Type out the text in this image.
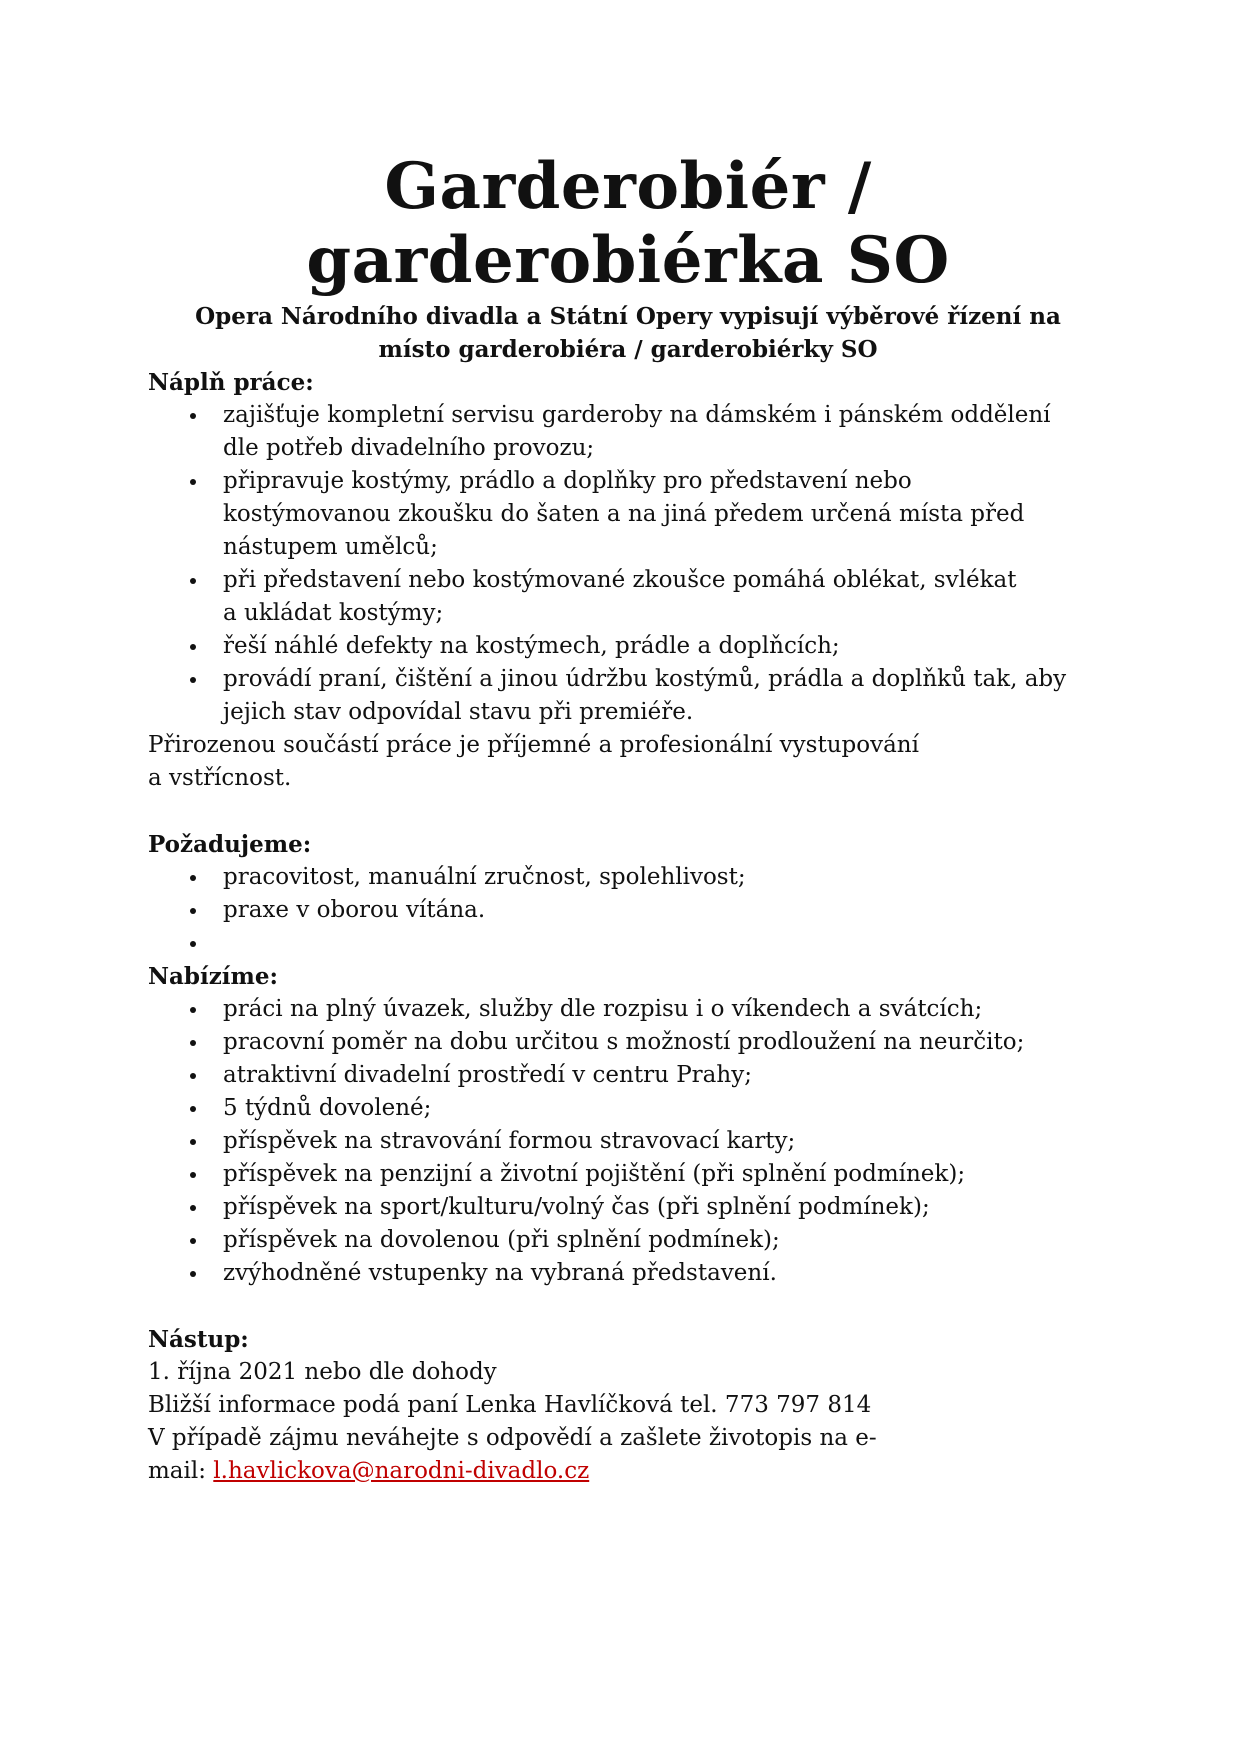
Garderobiér /
garderobiérka SO
Opera Národního divadla a Státní Opery vypisují výběrové řízení na
místo garderobiéra / garderobiérky SO
Náplň práce:
zajišťuje kompletní servisu garderoby na dámském i pánském oddělení
dle potřeb divadelního provozu;
připravuje kostýmy, prádlo a doplňky pro představení nebo
kostýmovanou zkoušku do šaten a na jiná předem určená místa před
nástupem umělců;
při představení nebo kostýmované zkoušce pomáhá oblékat, svlékat
a ukládat kostýmy;
řeší náhlé defekty na kostýmech, prádle a doplňcích;
provádí praní, čištění a jinou údržbu kostýmů, prádla a doplňků tak, aby
jejich stav odpovídal stavu při premiéře.

Přirozenou součástí práce je příjemné a profesionální vystupování
a vstřícnost.

Požadujeme:
pracovitost, manuální zručnost, spolehlivost;
praxe v oborou vítána.
Nabízíme:
práci na plný úvazek, služby dle rozpisu i o víkendech a svátcích;
pracovní poměr na dobu určitou s možností prodloužení na neurčito;
atraktivní divadelní prostředí v centru Prahy;
5 týdnů dovolené;
příspěvek na stravování formou stravovací karty;
příspěvek na penzijní a životní pojištění (při splnění podmínek);
příspěvek na sport/kulturu/volný čas (při splnění podmínek);
příspěvek na dovolenou (při splnění podmínek);
zvýhodněné vstupenky na vybraná představení.
Nástup:

1. října 2021 nebo dle dohody

Bližší informace podá paní Lenka Havlíčková tel. 773 797 814

V případě zájmu neváhejte s odpovědí a zašlete životopis na e-

mail: l.havlickova@narodni-divadlo.cz
